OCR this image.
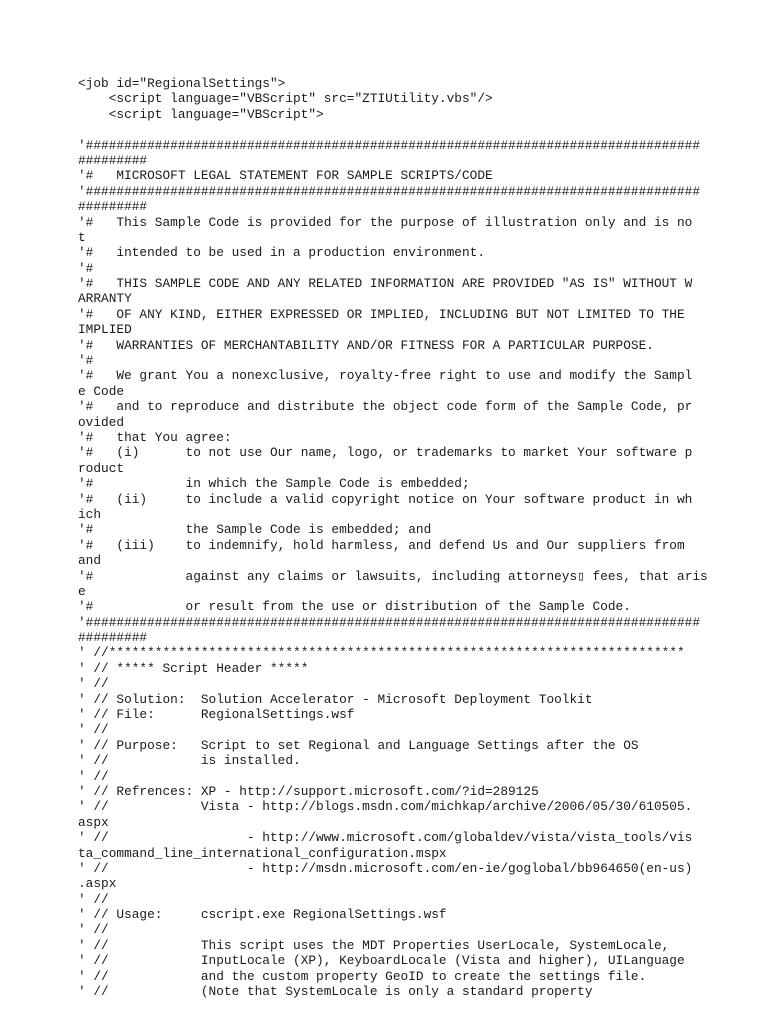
<job id="RegionalSettings">
<script language="VBScript" src="ZTIUtility.vbs"/>
<script language="VBScript">
'################################################################################
#########
'#   MICROSOFT LEGAL STATEMENT FOR SAMPLE SCRIPTS/CODE
'################################################################################
#########
'#   This Sample Code is provided for the purpose of illustration only and is no
t
'#   intended to be used in a production environment.
'#
'#   THIS SAMPLE CODE AND ANY RELATED INFORMATION ARE PROVIDED "AS IS" WITHOUT W
ARRANTY
'#   OF ANY KIND, EITHER EXPRESSED OR IMPLIED, INCLUDING BUT NOT LIMITED TO THE
IMPLIED
'#   WARRANTIES OF MERCHANTABILITY AND/OR FITNESS FOR A PARTICULAR PURPOSE.
'#
'#   We grant You a nonexclusive, royalty-free right to use and modify the Sampl
e Code
'#   and to reproduce and distribute the object code form of the Sample Code, pr
ovided
'#   that You agree:
'#   (i)      to not use Our name, logo, or trademarks to market Your software p
roduct
'#            in which the Sample Code is embedded;
'#   (ii)     to include a valid copyright notice on Your software product in wh
ich
'#            the Sample Code is embedded; and
'#   (iii)    to indemnify, hold harmless, and defend Us and Our suppliers from
and
'#            against any claims or lawsuits, including attorneys▯ fees, that aris
e
'#            or result from the use or distribution of the Sample Code.
'################################################################################
#########
' //***************************************************************************
' // ***** Script Header *****
' //
' // Solution:  Solution Accelerator - Microsoft Deployment Toolkit
' // File:      RegionalSettings.wsf
' //
' // Purpose:   Script to set Regional and Language Settings after the OS
' //            is installed.
' //
' // Refrences: XP - http://support.microsoft.com/?id=289125
' //            Vista - http://blogs.msdn.com/michkap/archive/2006/05/30/610505.
aspx
' //                  - http://www.microsoft.com/globaldev/vista/vista_tools/vis
ta_command_line_international_configuration.mspx
' //                  - http://msdn.microsoft.com/en-ie/goglobal/bb964650(en-us)
.aspx
' //
' // Usage:     cscript.exe RegionalSettings.wsf
' //
' //            This script uses the MDT Properties UserLocale, SystemLocale,
' //            InputLocale (XP), KeyboardLocale (Vista and higher), UILanguage
' //            and the custom property GeoID to create the settings file.
' //            (Note that SystemLocale is only a standard property
